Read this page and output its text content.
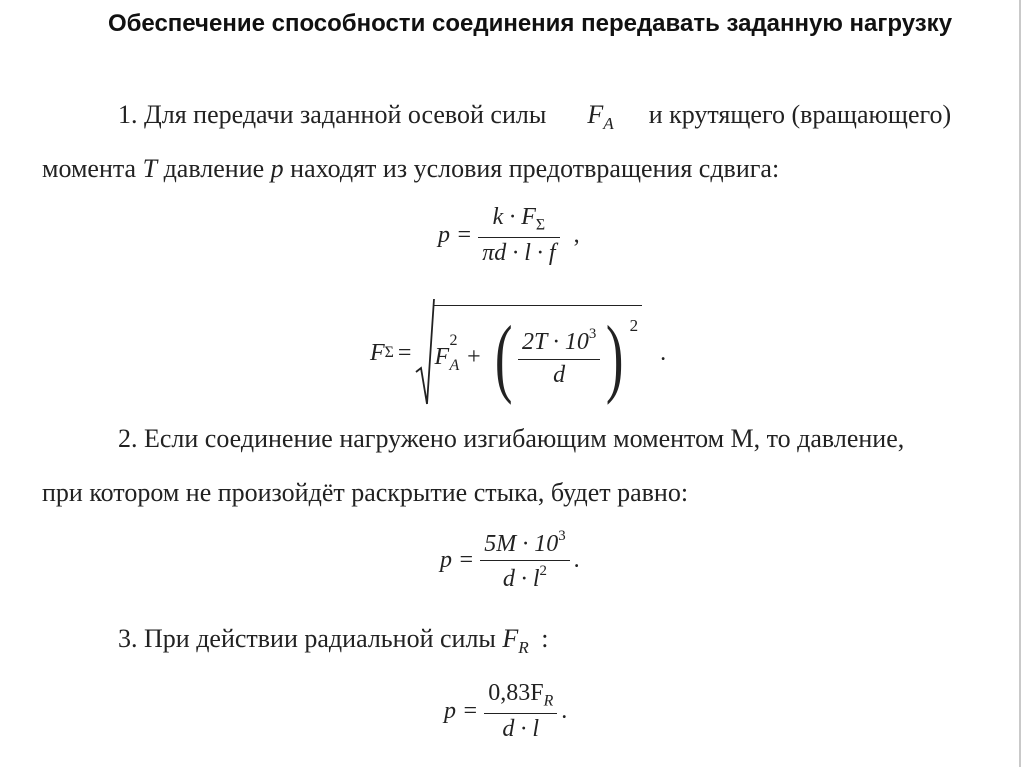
Обеспечение способности соединения передавать заданную нагрузку
1. Для передачи заданной осевой силы $F_A$ и крутящего (вращающего)
момента T давление p находят из условия предотвращения сдвига:
$p = \frac{k \cdot F_\Sigma}{\pi d \cdot l \cdot f}$ ,
F Σ = F
2
A + ( $\frac{2T \cdot 10^3}{d}$ ) 2
.
2. Если соединение нагружено изгибающим моментом М, то давление,
при котором не произойдёт раскрытие стыка, будет равно:
$p = \frac{5M \cdot 10^3}{d \cdot l^2}$ .
3. При действии радиальной силы $F_R$ :
$p = \frac{0,83F_R}{d \cdot l}$ .
